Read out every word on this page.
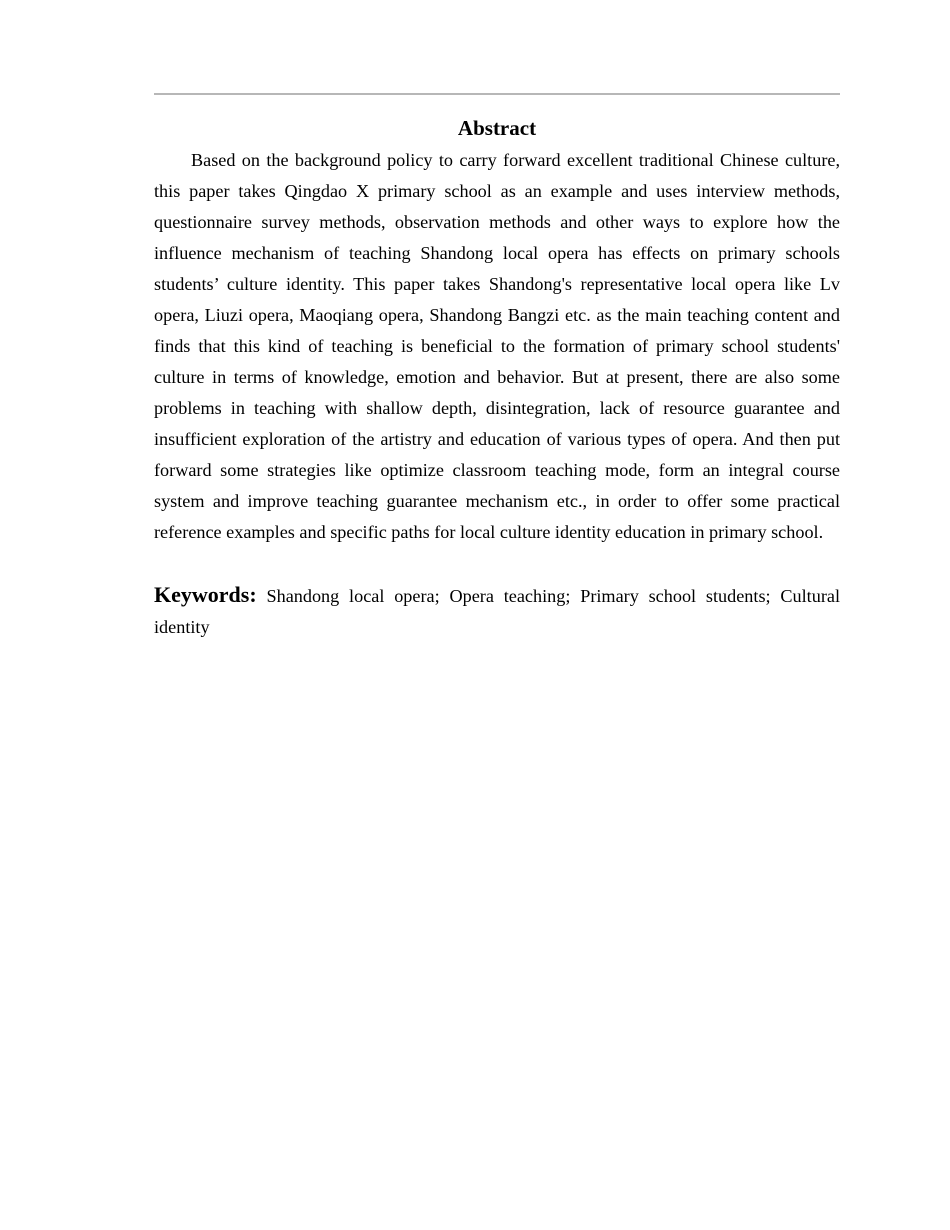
Abstract

Based on the background policy to carry forward excellent traditional Chinese culture, this paper takes Qingdao X primary school as an example and uses interview methods, questionnaire survey methods, observation methods and other ways to explore how the influence mechanism of teaching Shandong local opera has effects on primary schools students’ culture identity. This paper takes Shandong's representative local opera like Lv opera, Liuzi opera, Maoqiang opera, Shandong Bangzi etc. as the main teaching content and finds that this kind of teaching is beneficial to the formation of primary school students' culture in terms of knowledge, emotion and behavior. But at present, there are also some problems in teaching with shallow depth, disintegration, lack of resource guarantee and insufficient exploration of the artistry and education of various types of opera. And then put forward some strategies like optimize classroom teaching mode, form an integral course system and improve teaching guarantee mechanism etc., in order to offer some practical reference examples and specific paths for local culture identity education in primary school.

Keywords: Shandong local opera; Opera teaching; Primary school students; Cultural identity
